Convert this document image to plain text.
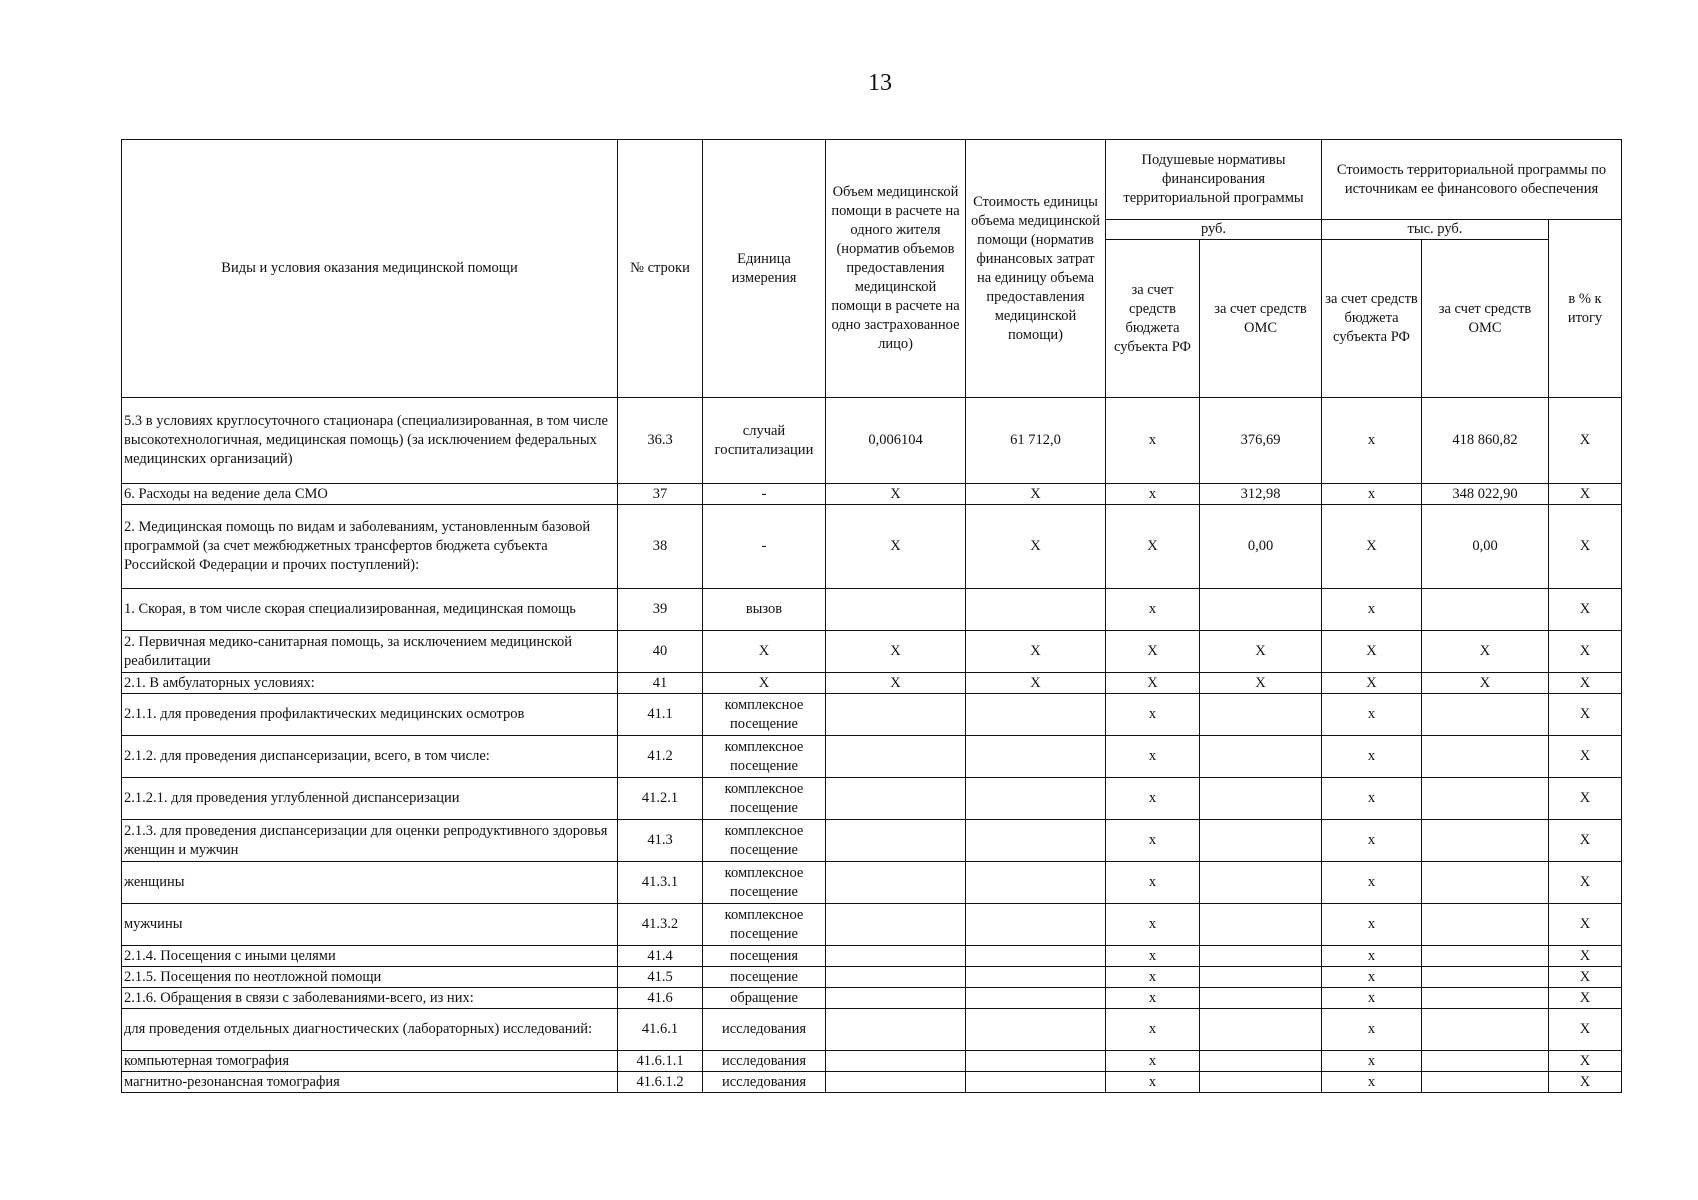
13
Виды и условия оказания медицинской помощи	№ строки	Единица измерения	Объем медицинской помощи в расчете на одного жителя (норматив объемов предоставления медицинской помощи в расчете на одно застрахованное лицо)	Стоимость единицы объема медицинской помощи (норматив финансовых затрат на единицу объема предоставления медицинской помощи)	Подушевые нормативы финансирования территориальной программы		Стоимость территориальной программы по источникам ее финансового обеспечения		
					руб.		тыс. руб.		в % к итогу
					за счет средств бюджета субъекта РФ	за счет средств ОМС	за счет средств бюджета субъекта РФ	за счет средств ОМС	
5.3 в условиях круглосуточного стационара (специализированная, в том числе высокотехнологичная, медицинская помощь) (за исключением федеральных медицинских организаций)	36.3	случай госпитализации	0,006104	61 712,0	x	376,69	x	418 860,82	X
6. Расходы на ведение дела СМО	37	-	X	X	x	312,98	x	348 022,90	X
2. Медицинская помощь по видам и заболеваниям, установленным базовой программой (за счет межбюджетных трансфертов бюджета субъекта Российской Федерации и прочих поступлений):	38	-	X	X	X	0,00	X	0,00	X
1. Скорая, в том числе скорая специализированная, медицинская помощь	39	вызов			x		x		X
2. Первичная медико-санитарная помощь, за исключением медицинской реабилитации	40	X	X	X	X	X	X	X	X
2.1. В амбулаторных условиях:	41	X	X	X	X	X	X	X	X
2.1.1. для проведения профилактических медицинских осмотров	41.1	комплексное посещение			x		x		X
2.1.2. для проведения диспансеризации, всего, в том числе:	41.2	комплексное посещение			x		x		X
2.1.2.1. для проведения углубленной диспансеризации	41.2.1	комплексное посещение			x		x		X
2.1.3. для проведения диспансеризации для оценки репродуктивного здоровья женщин и мужчин	41.3	комплексное посещение			x		x		X
женщины	41.3.1	комплексное посещение			x		x		X
мужчины	41.3.2	комплексное посещение			x		x		X
2.1.4. Посещения с иными целями	41.4	посещения			x		x		X
2.1.5. Посещения по неотложной помощи	41.5	посещение			x		x		X
2.1.6. Обращения в связи с заболеваниями-всего, из них:	41.6	обращение			x		x		X
для проведения отдельных диагностических (лабораторных) исследований:	41.6.1	исследования			x		x		X
компьютерная томография	41.6.1.1	исследования			x		x		X
магнитно-резонансная томография	41.6.1.2	исследования			x		x		X
